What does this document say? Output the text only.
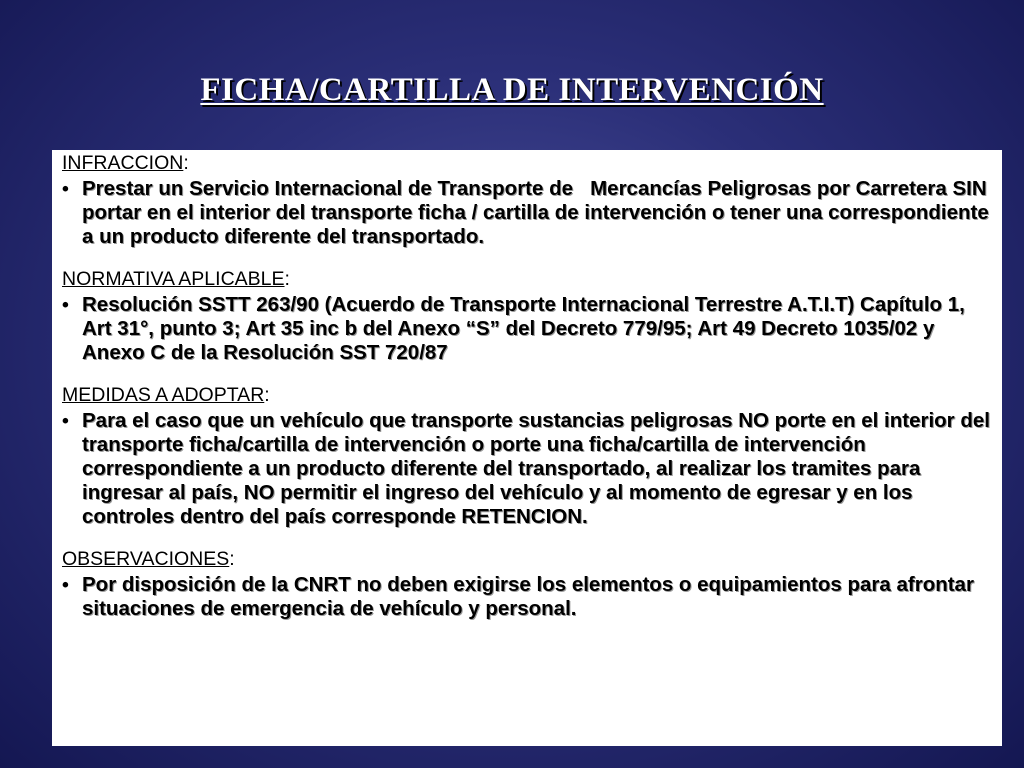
FICHA/CARTILLA DE INTERVENCIÓN

INFRACCION:

• Prestar un Servicio Internacional de Transporte de   Mercancías Peligrosas por Carretera SIN portar en el interior del transporte ficha / cartilla de intervención o tener una correspondiente a un producto diferente del transportado.

NORMATIVA APLICABLE:

• Resolución SSTT 263/90 (Acuerdo de Transporte Internacional Terrestre A.T.I.T) Capítulo 1, Art 31°, punto 3; Art 35 inc b del Anexo “S” del Decreto 779/95; Art 49 Decreto 1035/02 y Anexo C de la Resolución SST 720/87

MEDIDAS A ADOPTAR:

• Para el caso que un vehículo que transporte sustancias peligrosas NO porte en el interior del transporte ficha/cartilla de intervención o porte una ficha/cartilla de intervención correspondiente a un producto diferente del transportado, al realizar los tramites para ingresar al país, NO permitir el ingreso del vehículo y al momento de egresar y en los controles dentro del país corresponde RETENCION.

OBSERVACIONES:

• Por disposición de la CNRT no deben exigirse los elementos o equipamientos para afrontar situaciones de emergencia de vehículo y personal.
